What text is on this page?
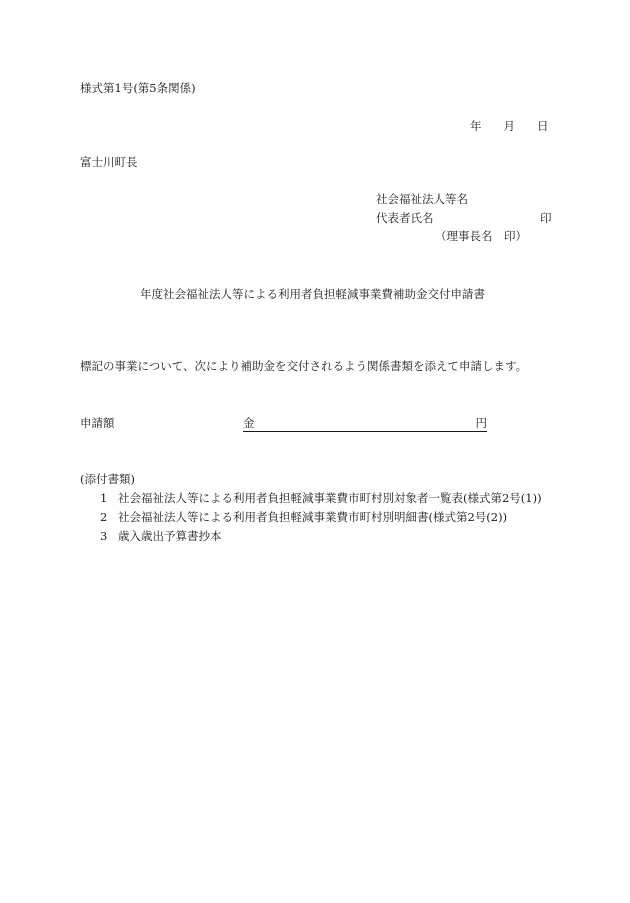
様式第1号(第5条関係)
年 月 日
富士川町長
社会福祉法人等名
代表者氏名	印
（理事長名　印）
年度社会福祉法人等による利用者負担軽減事業費補助金交付申請書
標記の事業について、次により補助金を交付されるよう関係書類を添えて申請します。
申請額	金	円
(添付書類)
1 社会福祉法人等による利用者負担軽減事業費市町村別対象者一覧表(様式第2号(1))
2 社会福祉法人等による利用者負担軽減事業費市町村別明細書(様式第2号(2))
3 歳入歳出予算書抄本
